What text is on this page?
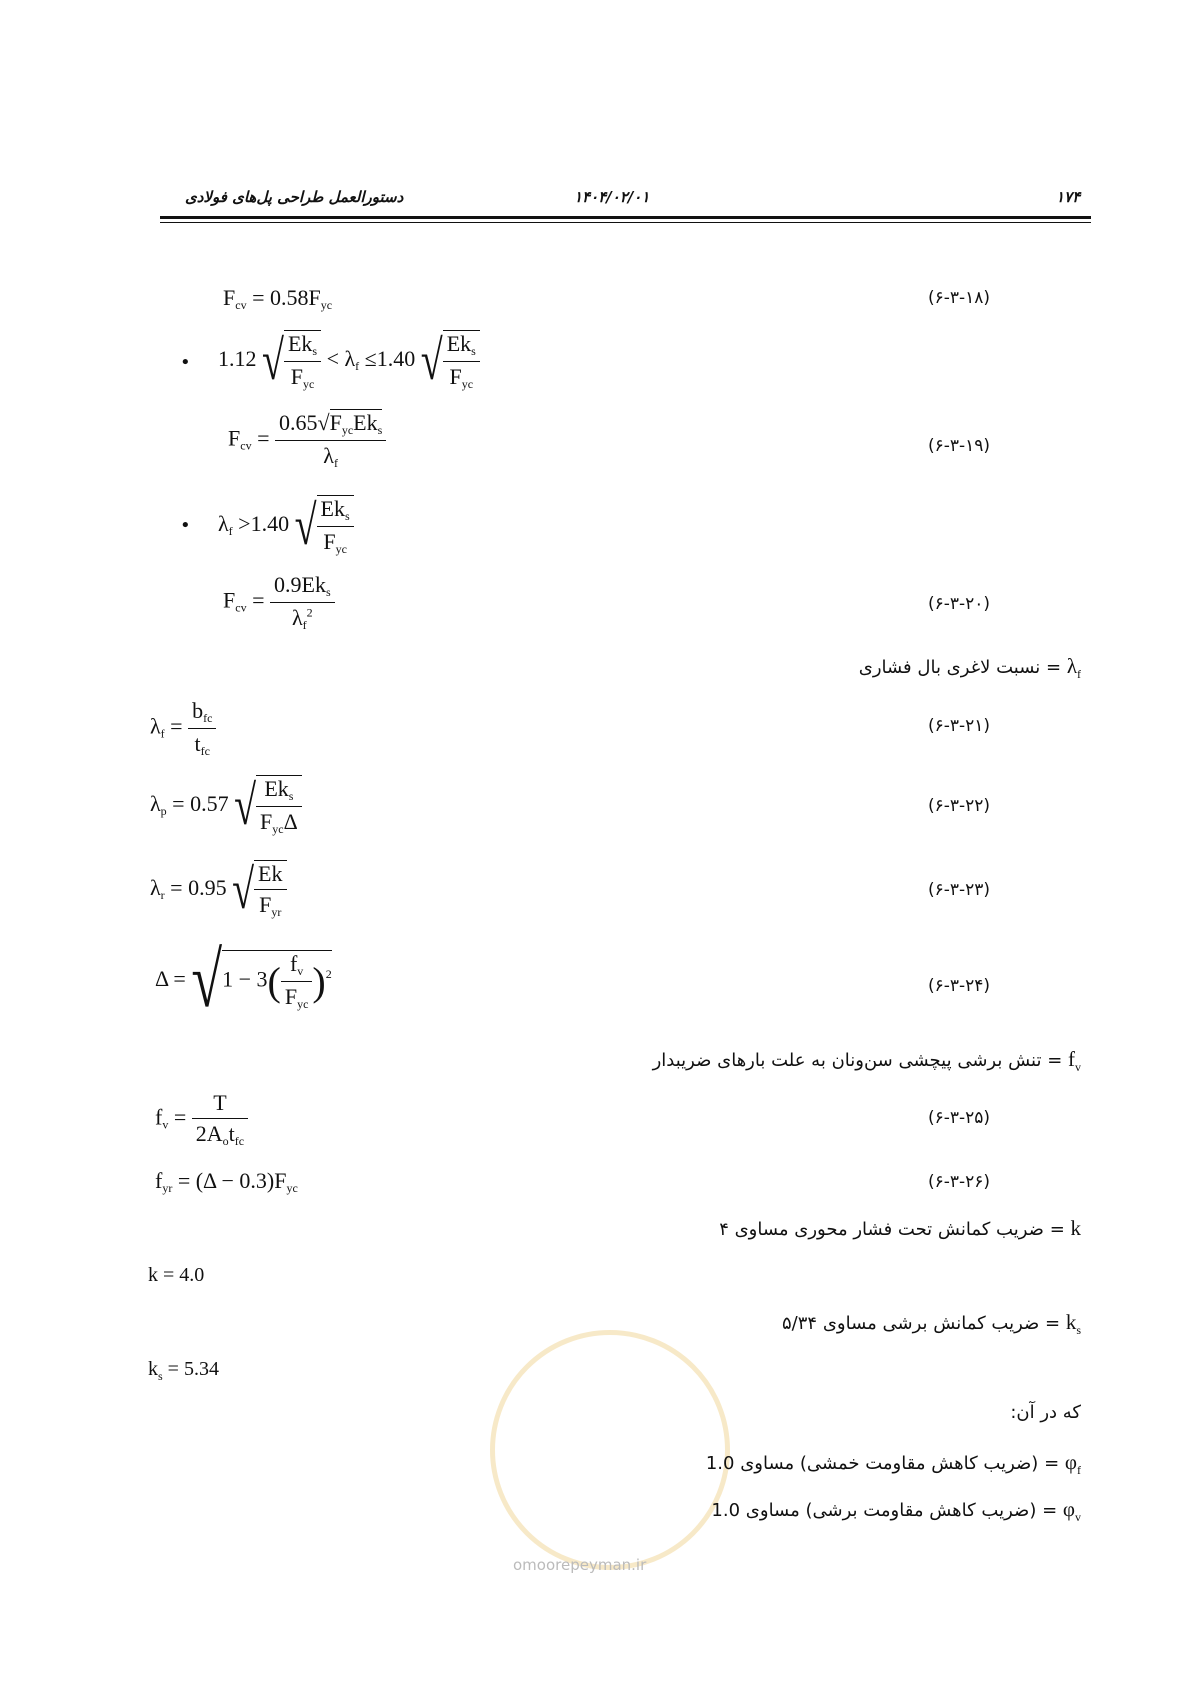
دستورالعمل طراحی پل‌های فولادی	۱۴۰۴/۰۲/۰۱	۱۷۴
$F_{cv} = 0.58F_{yc}$	(۶-۳-۱۸)
• 1.12 √ $\frac{Ek_s}{F_{yc}} < \lambda_f \le 1.40$ √ $\frac{Ek_s}{F_{yc}}$
$F_{cv} = \frac{0.65√F_{yc}Ek_s}{\lambda_f}$	(۶-۳-۱۹)
• $\lambda_f >1.40$ √ $\frac{Ek_s}{F_{yc}}$
$F_{cv} = \frac{0.9Ek_s}{\lambda_f^2}$	(۶-۳-۲۰)
$\lambda_f$ = نسبت لاغری بال فشاری
$\lambda_f = \frac{b_{fc}}{t_{fc}}$	(۶-۳-۲۱)
$\lambda_p = 0.57$ √ $\frac{Ek_s}{F_{yc}\Delta}$	(۶-۳-۲۲)
$\lambda_r = 0.95$ √ $\frac{Ek}{F_{yr}}$	(۶-۳-۲۳)
$\Delta = √1 - 3( \frac{f_v}{F_{yc}} )^2$
(۶-۳-۲۴)
$f_v$ = تنش برشی پیچشی سن‌ونان به علت بارهای ضریبدار
$f_v = \frac{T}{2A_ot_{fc}}$	(۶-۳-۲۵)
$f_{yr} = (\Delta - 0.3)F_{yc}$	(۶-۳-۲۶)
k = ضریب کمانش تحت فشار محوری مساوی ۴
k = 4.0
$k_s$ = ضریب کمانش برشی مساوی ۵/۳۴
$k_s = 5.34$
omoorepeyman.ir
که در آن:
$\varphi_f$ = (ضریب کاهش مقاومت خمشی) مساوی 1.0
$\varphi_v$ = (ضریب کاهش مقاومت برشی) مساوی 1.0
